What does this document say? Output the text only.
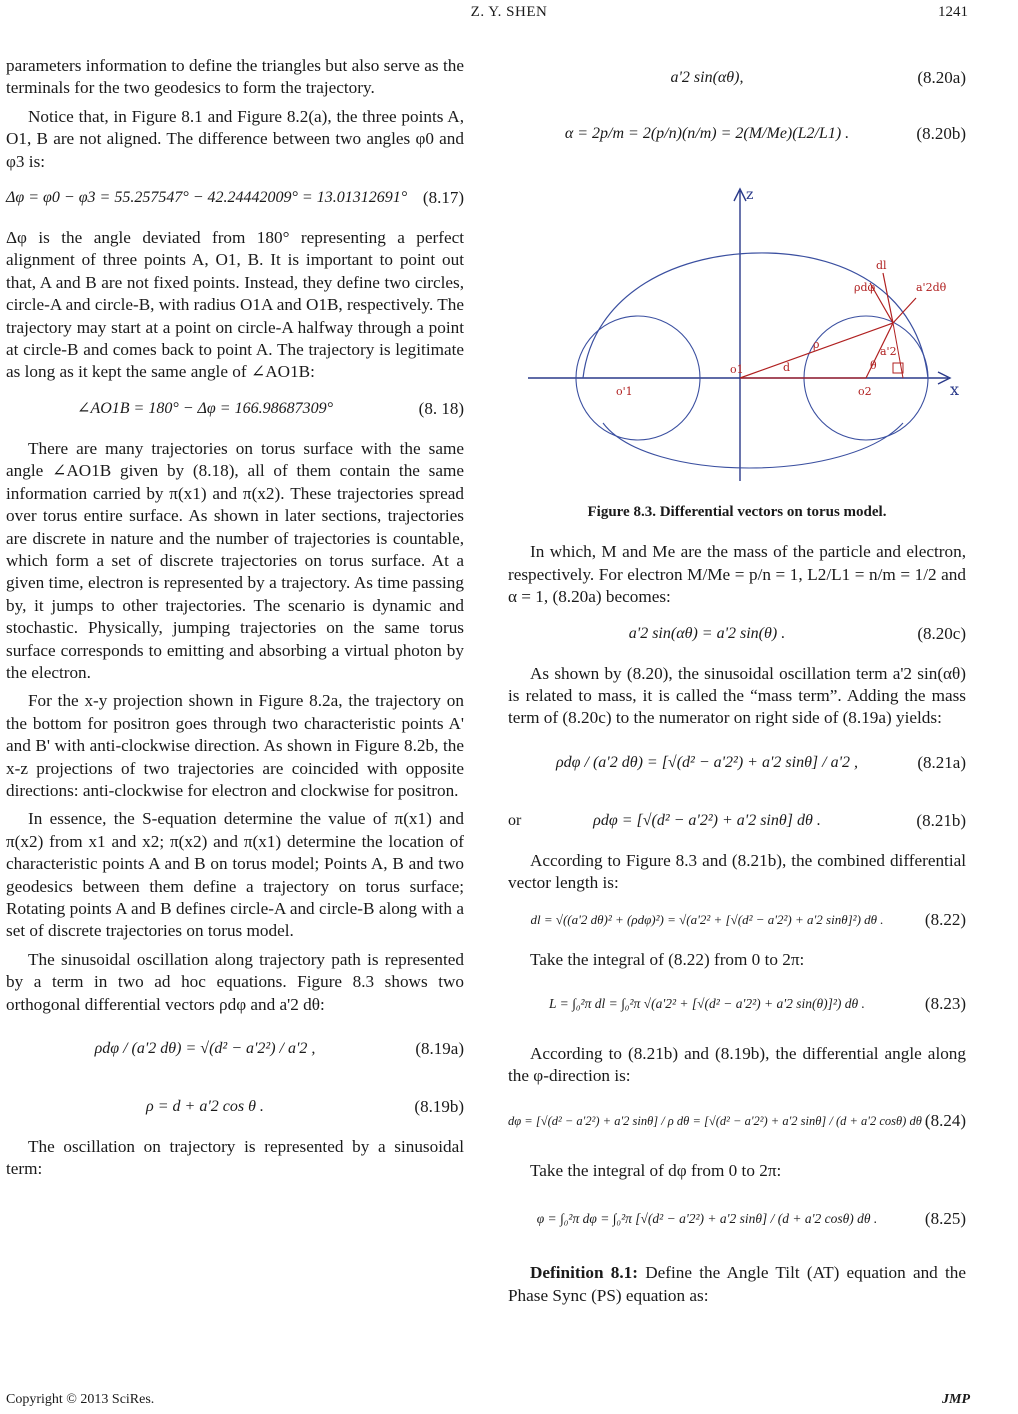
Z. Y. SHEN	1241

parameters information to define the triangles but also serve as the terminals for the two geodesics to form the trajectory.

Notice that, in Figure 8.1 and Figure 8.2(a), the three points A, O1, B are not aligned. The difference between two angles φ0 and φ3 is:

Δφ = φ0 − φ3 = 55.257547° − 42.24442009° = 13.01312691° (8.17)

Δφ is the angle deviated from 180° representing a perfect alignment of three points A, O1, B. It is important to point out that, A and B are not fixed points. Instead, they define two circles, circle-A and circle-B, with radius O1A and O1B, respectively. The trajectory may start at a point on circle-A halfway through a point at circle-B and comes back to point A. The trajectory is legitimate as long as it kept the same angle of ∠AO1B:

∠AO1B = 180° − Δφ = 166.98687309°	(8. 18)

There are many trajectories on torus surface with the same angle ∠AO1B given by (8.18), all of them contain the same information carried by π(x1) and π(x2). These trajectories spread over torus entire surface. As shown in later sections, trajectories are discrete in nature and the number of trajectories is countable, which form a set of discrete trajectories on torus surface. At a given time, electron is represented by a trajectory. As time passing by, it jumps to other trajectories. The scenario is dynamic and stochastic. Physically, jumping trajectories on the same torus surface corresponds to emitting and absorbing a virtual photon by the electron.

For the x-y projection shown in Figure 8.2a, the trajectory on the bottom for positron goes through two characteristic points A' and B' with anti-clockwise direction. As shown in Figure 8.2b, the x-z projections of two trajectories are coincided with opposite directions: anti-clockwise for electron and clockwise for positron.

In essence, the S-equation determine the value of π(x1) and π(x2) from x1 and x2; π(x2) and π(x1) determine the location of characteristic points A and B on torus model; Points A, B and two geodesics between them define a trajectory on torus surface; Rotating points A and B defines circle-A and circle-B along with a set of discrete trajectories on torus model.

The sinusoidal oscillation along trajectory path is represented by a term in two ad hoc equations. Figure 8.3 shows two orthogonal differential vectors ρdφ and a'2 dθ:

ρdφ / (a'2 dθ) = √(d² − a'2²) / a'2 ,	(8.19a)
ρ = d + a'2 cos θ .	(8.19b)

The oscillation on trajectory is represented by a sinusoidal term:

a'2 sin(αθ),	(8.20a)
α = 2p/m = 2(p/n)(n/m) = 2(M/Me)(L2/L1) .	(8.20b)
z
x
o'1
o1
o2
d
ρ
a'2
ρdφ	a'2dθ
dl
θ

Figure 8.3. Differential vectors on torus model.

In which, M and Me are the mass of the particle and electron, respectively. For electron M/Me = p/n = 1, L2/L1 = n/m = 1/2 and α = 1, (8.20a) becomes:

a'2 sin(αθ) = a'2 sin(θ) .	(8.20c)

As shown by (8.20), the sinusoidal oscillation term a'2 sin(αθ) is related to mass, it is called the “mass term”. Adding the mass term of (8.20c) to the numerator on right side of (8.19a) yields:

ρdφ / (a'2 dθ) = [√(d² − a'2²) + a'2 sinθ] / a'2 ,	(8.21a)
or	ρdφ = [√(d² − a'2²) + a'2 sinθ] dθ .	(8.21b)

According to Figure 8.3 and (8.21b), the combined differential vector length is:

dl = √((a'2 dθ)² + (ρdφ)²) = √(a'2² + [√(d² − a'2²) + a'2 sinθ]²) dθ .	(8.22)

Take the integral of (8.22) from 0 to 2π:

L = ∫₀²π dl = ∫₀²π √(a'2² + [√(d² − a'2²) + a'2 sin(θ)]²) dθ .	(8.23)

According to (8.21b) and (8.19b), the differential angle along the φ-direction is:

dφ = [√(d² − a'2²) + a'2 sinθ] / ρ dθ = [√(d² − a'2²) + a'2 sinθ] / (d + a'2 cosθ) dθ .
(8.24)

Take the integral of dφ from 0 to 2π:

φ = ∫₀²π dφ = ∫₀²π [√(d² − a'2²) + a'2 sinθ] / (d + a'2 cosθ) dθ .	(8.25)

Definition 8.1: Define the Angle Tilt (AT) equation and the Phase Sync (PS) equation as:

Copyright © 2013 SciRes.	JMP
